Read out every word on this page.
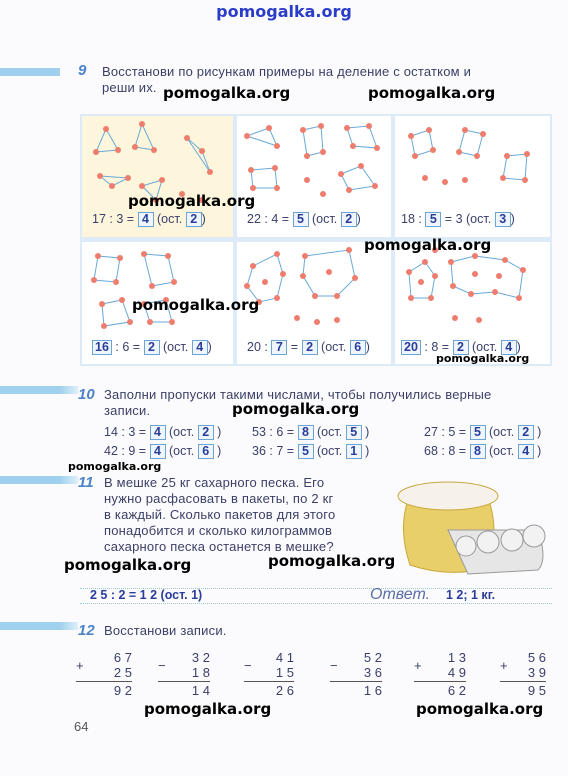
pomogalka.org
9 Восстанови по рисункам примеры на деление с остатком и
реши их.
17 : 3 = 4 (ост. 2 )	22 : 4 = 5 (ост. 2 )	18 : 5 = 3 (ост. 3 )
16 : 6 = 2 (ост. 4 )	20 : 7 = 2 (ост. 6 )	20 : 8 = 2 (ост. 4 )
10 Заполни пропуски такими числами, чтобы получились верные
записи.
14 : 3 = 4 (ост. 2 ) 53 : 6 = 8 (ост. 5 )	27 : 5 = 5 (ост. 2 )
42 : 9 = 4 (ост. 6 ) 36 : 7 = 5 (ост. 1 )	68 : 8 = 8 (ост. 4 )
11 В мешке 25 кг сахарного песка. Его
нужно расфасовать в пакеты, по 2 кг
в каждый. Сколько пакетов для этого
понадобится и сколько килограммов
сахарного песка останется в мешке?
2 5 : 2 = 1 2 (ост. 1)	Ответ. 1 2; 1 кг.
12 Восстанови записи.
+
6 7
2 5
9 2
−
3 2
1 8
1 4
−
4 1
1 5
2 6
−
5 2
3 6
1 6
+
1 3
4 9
6 2
+
5 6
3 9
9 5
64
pomogalka.org	pomogalka.org
pomogalka.org
pomogalka.org
pomogalka.org
pomogalka.org
pomogalka.org
pomogalka.org
pomogalka.org	pomogalka.org
pomogalka.org	pomogalka.org
